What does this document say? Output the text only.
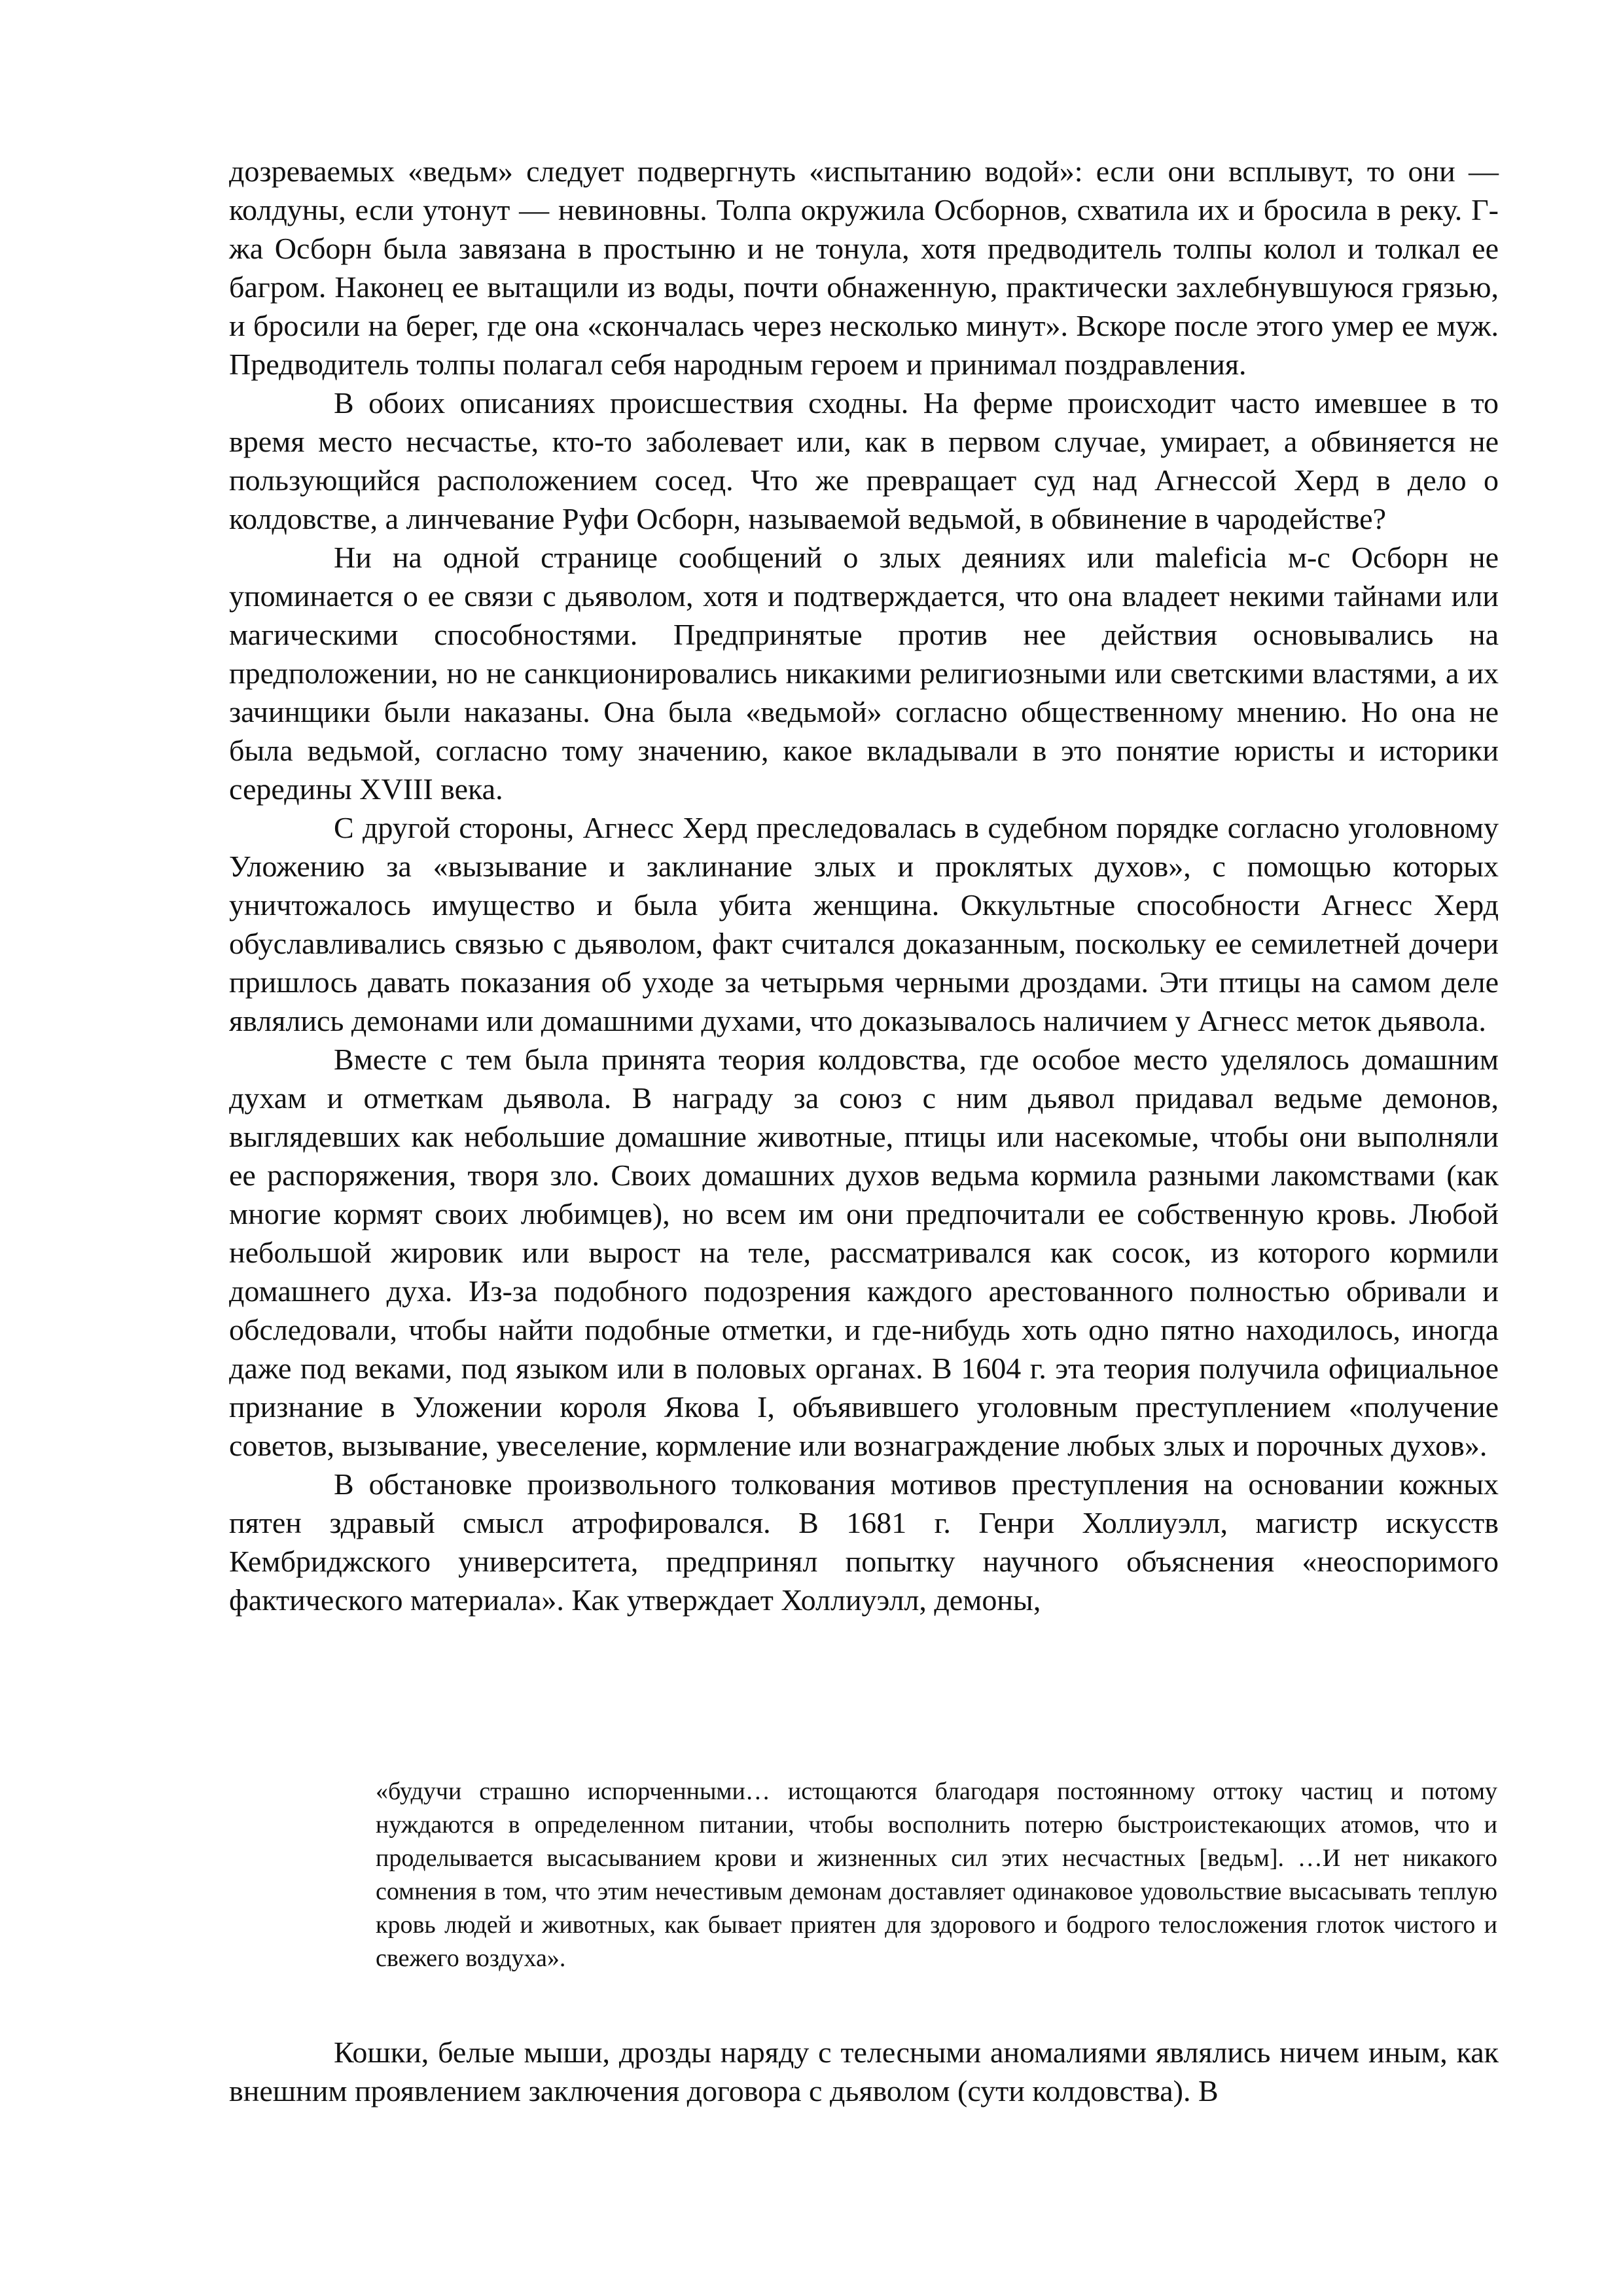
дозреваемых «ведьм» следует подвергнуть «испытанию водой»: если они всплывут, то они — колдуны, если утонут — невиновны. Толпа окружила Осборнов, схватила их и бросила в реку. Г-жа Осборн была завязана в простыню и не тонула, хотя предводитель толпы колол и толкал ее багром. Наконец ее вытащили из воды, почти обнаженную, практически захлебнувшуюся грязью, и бросили на берег, где она «скончалась через несколько минут». Вскоре после этого умер ее муж. Предводитель толпы полагал себя народным героем и принимал поздравления.

В обоих описаниях происшествия сходны. На ферме происходит часто имевшее в то время место несчастье, кто-то заболевает или, как в первом случае, умирает, а обвиняется не пользующийся расположением сосед. Что же превращает суд над Агнессой Херд в дело о колдовстве, а линчевание Руфи Осборн, называемой ведьмой, в обвинение в чародействе?

Ни на одной странице сообщений о злых деяниях или maleficia м-с Осборн не упоминается о ее связи с дьяволом, хотя и подтверждается, что она владеет некими тайнами или магическими способностями. Предпринятые против нее действия основывались на предположении, но не санкционировались никакими религиозными или светскими властями, а их зачинщики были наказаны. Она была «ведьмой» согласно общественному мнению. Но она не была ведьмой, согласно тому значению, какое вкладывали в это понятие юристы и историки середины XVIII века.

С другой стороны, Агнесс Херд преследовалась в судебном порядке согласно уголовному Уложению за «вызывание и заклинание злых и проклятых духов», с помощью которых уничтожалось имущество и была убита женщина. Оккультные способности Агнесс Херд обуславливались связью с дьяволом, факт считался доказанным, поскольку ее семилетней дочери пришлось давать показания об уходе за четырьмя черными дроздами. Эти птицы на самом деле являлись демонами или домашними духами, что доказывалось наличием у Агнесс меток дьявола.

Вместе с тем была принята теория колдовства, где особое место уделялось домашним духам и отметкам дьявола. В награду за союз с ним дьявол придавал ведьме демонов, выглядевших как небольшие домашние животные, птицы или насекомые, чтобы они выполняли ее распоряжения, творя зло. Своих домашних духов ведьма кормила разными лакомствами (как многие кормят своих любимцев), но всем им они предпочитали ее собственную кровь. Любой небольшой жировик или вырост на теле, рассматривался как сосок, из которого кормили домашнего духа. Из-за подобного подозрения каждого арестованного полностью обривали и обследовали, чтобы найти подобные отметки, и где-нибудь хоть одно пятно находилось, иногда даже под веками, под языком или в половых органах. В 1604 г. эта теория получила официальное признание в Уложении короля Якова I, объявившего уголовным преступлением «получение советов, вызывание, увеселение, кормление или вознаграждение любых злых и порочных духов».

В обстановке произвольного толкования мотивов преступления на основании кожных пятен здравый смысл атрофировался. В 1681 г. Генри Холлиуэлл, магистр искусств Кембриджского университета, предпринял попытку научного объяснения «неоспоримого фактического материала». Как утверждает Холлиуэлл, демоны,

«будучи страшно испорченными… истощаются благодаря постоянному оттоку частиц и потому нуждаются в определенном питании, чтобы восполнить потерю быстроистекающих атомов, что и проделывается высасыванием крови и жизненных сил этих несчастных [ведьм]. …И нет никакого сомнения в том, что этим нечестивым демонам доставляет одинаковое удовольствие высасывать теплую кровь людей и животных, как бывает приятен для здорового и бодрого телосложения глоток чистого и свежего воздуха».

Кошки, белые мыши, дрозды наряду с телесными аномалиями являлись ничем иным, как внешним проявлением заключения договора с дьяволом (сути колдовства). В
